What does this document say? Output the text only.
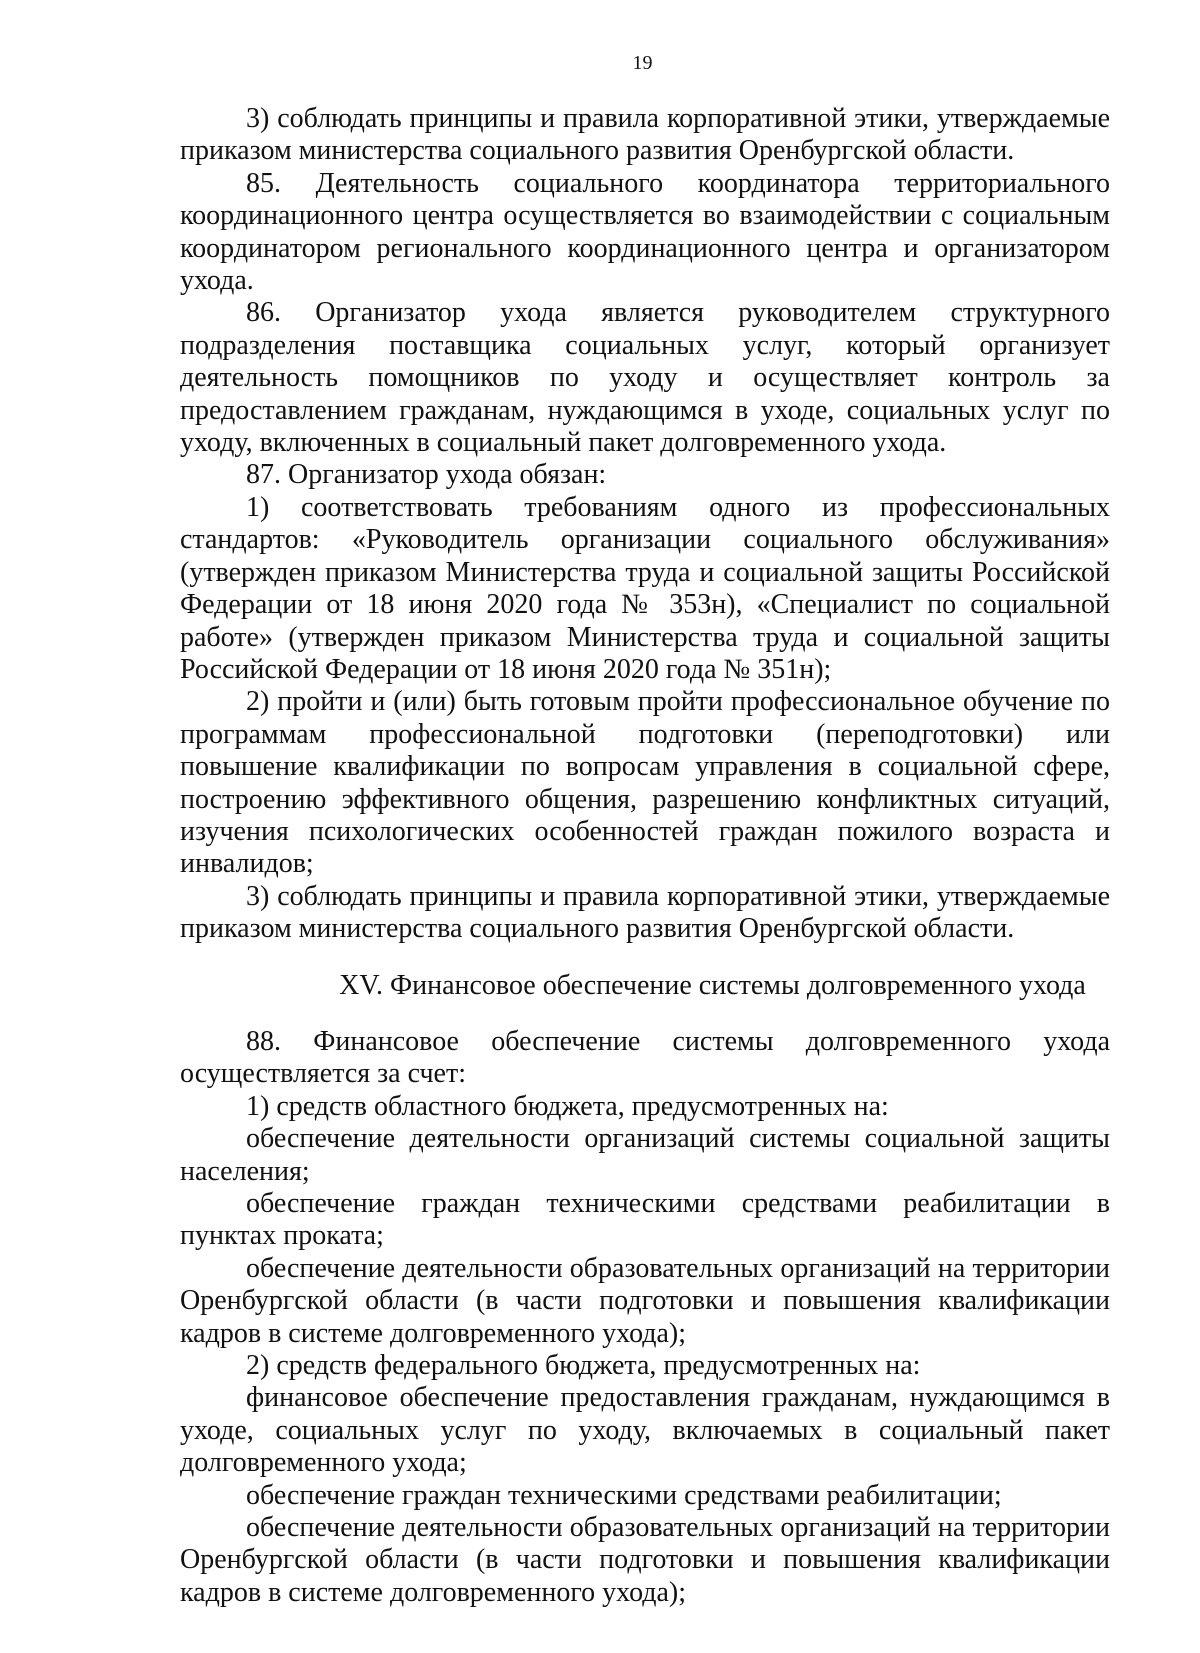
19

3) соблюдать принципы и правила корпоративной этики, утверждаемые приказом министерства социального развития Оренбургской области.

85. Деятельность социального координатора территориального координационного центра осуществляется во взаимодействии с социальным координатором регионального координационного центра и организатором ухода.

86. Организатор ухода является руководителем структурного подразделения поставщика социальных услуг, который организует деятельность помощников по уходу и осуществляет контроль за предоставлением гражданам, нуждающимся в уходе, социальных услуг по уходу, включенных в социальный пакет долговременного ухода.

87. Организатор ухода обязан:

1) соответствовать требованиям одного из профессиональных стандартов: «Руководитель организации социального обслуживания» (утвержден приказом Министерства труда и социальной защиты Российской Федерации от 18 июня 2020 года № 353н), «Специалист по социальной работе» (утвержден приказом Министерства труда и социальной защиты Российской Федерации от 18 июня 2020 года № 351н);

2) пройти и (или) быть готовым пройти профессиональное обучение по программам профессиональной подготовки (переподготовки) или повышение квалификации по вопросам управления в социальной сфере, построению эффективного общения, разрешению конфликтных ситуаций, изучения психологических особенностей граждан пожилого возраста и инвалидов;

3) соблюдать принципы и правила корпоративной этики, утверждаемые приказом министерства социального развития Оренбургской области.

XV. Финансовое обеспечение системы долговременного ухода

88. Финансовое обеспечение системы долговременного ухода осуществляется за счет:

1) средств областного бюджета, предусмотренных на:

обеспечение деятельности организаций системы социальной защиты населения;

обеспечение граждан техническими средствами реабилитации в пунктах проката;

обеспечение деятельности образовательных организаций на территории Оренбургской области (в части подготовки и повышения квалификации кадров в системе долговременного ухода);

2) средств федерального бюджета, предусмотренных на:

финансовое обеспечение предоставления гражданам, нуждающимся в уходе, социальных услуг по уходу, включаемых в социальный пакет долговременного ухода;

обеспечение граждан техническими средствами реабилитации;

обеспечение деятельности образовательных организаций на территории Оренбургской области (в части подготовки и повышения квалификации кадров в системе долговременного ухода);
